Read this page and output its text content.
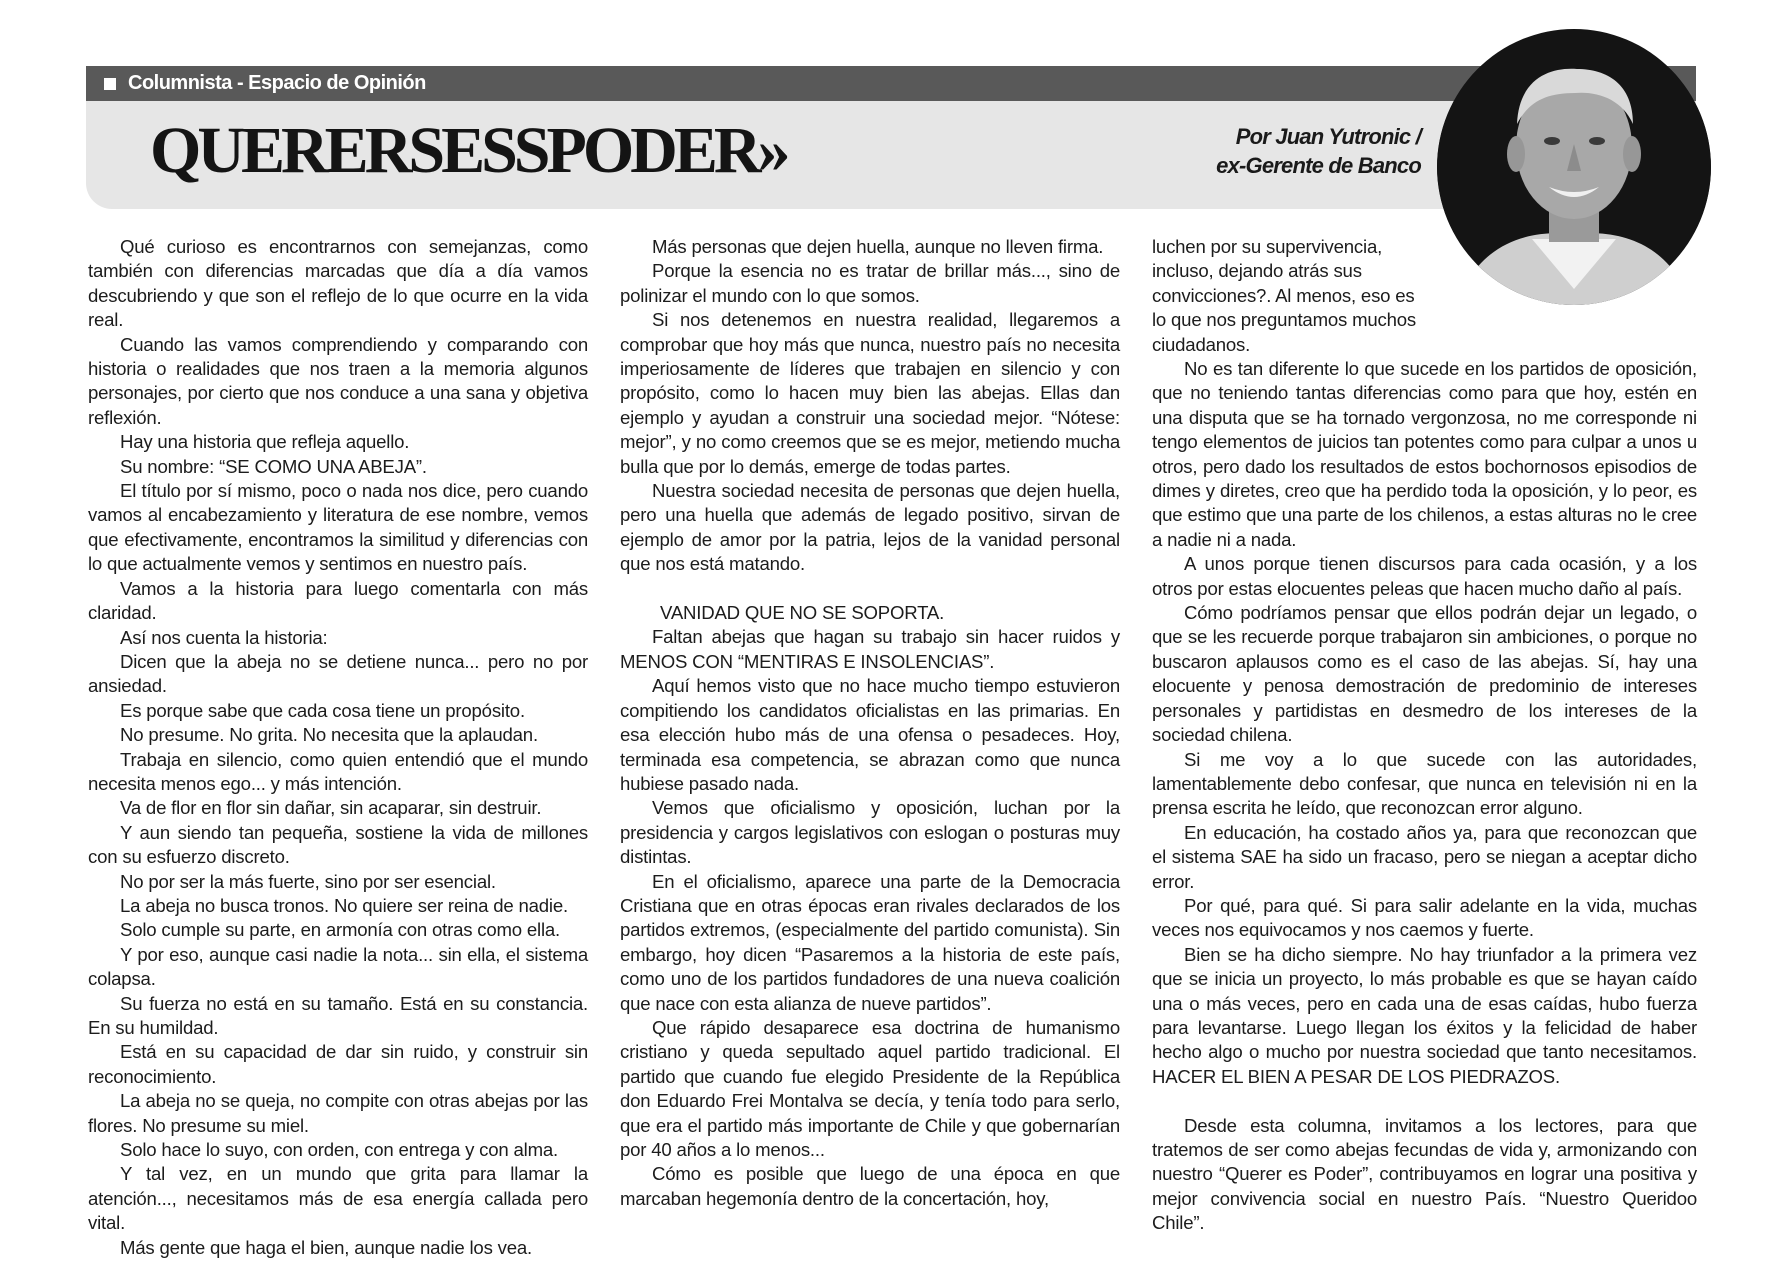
Columnista - Espacio de Opinión
QUERERSESSPODER»	Por Juan Yutronic /
ex-Gerente de Banco

Qué curioso es encontrarnos con semejanzas, como también con diferencias marcadas que día a día vamos descubriendo y que son el reflejo de lo que ocurre en la vida real.

Cuando las vamos comprendiendo y comparando con historia o realidades que nos traen a la memoria algunos personajes, por cierto que nos conduce a una sana y objetiva reflexión.

Hay una historia que refleja aquello.

Su nombre: “SE COMO UNA ABEJA”.

El título por sí mismo, poco o nada nos dice, pero cuando vamos al encabezamiento y literatura de ese nombre, vemos que efectivamente, encontramos la similitud y diferencias con lo que actualmente vemos y sentimos en nuestro país.

Vamos a la historia para luego comentarla con más claridad.

Así nos cuenta la historia:

Dicen que la abeja no se detiene nunca... pero no por ansiedad.

Es porque sabe que cada cosa tiene un propósito.

No presume. No grita. No necesita que la aplaudan.

Trabaja en silencio, como quien entendió que el mundo necesita menos ego... y más intención.

Va de flor en flor sin dañar, sin acaparar, sin destruir.

Y aun siendo tan pequeña, sostiene la vida de millones con su esfuerzo discreto.

No por ser la más fuerte, sino por ser esencial.

La abeja no busca tronos. No quiere ser reina de nadie.

Solo cumple su parte, en armonía con otras como ella.

Y por eso, aunque casi nadie la nota... sin ella, el sistema colapsa.

Su fuerza no está en su tamaño. Está en su constancia. En su humildad.

Está en su capacidad de dar sin ruido, y construir sin reconocimiento.

La abeja no se queja, no compite con otras abejas por las flores. No presume su miel.

Solo hace lo suyo, con orden, con entrega y con alma.

Y tal vez, en un mundo que grita para llamar la atención..., necesitamos más de esa energía callada pero vital.

Más gente que haga el bien, aunque nadie los vea.

Más personas que dejen huella, aunque no lleven firma.

Porque la esencia no es tratar de brillar más..., sino de polinizar el mundo con lo que somos.

Si nos detenemos en nuestra realidad, llegaremos a comprobar que hoy más que nunca, nuestro país no necesita imperiosamente de líderes que trabajen en silencio y con propósito, como lo hacen muy bien las abejas. Ellas dan ejemplo y ayudan a construir una sociedad mejor. “Nótese: mejor”, y no como creemos que se es mejor, metiendo mucha bulla que por lo demás, emerge de todas partes.

Nuestra sociedad necesita de personas que dejen huella, pero una huella que además de legado positivo, sirvan de ejemplo de amor por la patria, lejos de la vanidad personal que nos está matando.

VANIDAD QUE NO SE SOPORTA.

Faltan abejas que hagan su trabajo sin hacer ruidos y MENOS CON “MENTIRAS E INSOLENCIAS”.

Aquí hemos visto que no hace mucho tiempo estuvieron compitiendo los candidatos oficialistas en las primarias. En esa elección hubo más de una ofensa o pesadeces. Hoy, terminada esa competencia, se abrazan como que nunca hubiese pasado nada.

Vemos que oficialismo y oposición, luchan por la presidencia y cargos legislativos con eslogan o posturas muy distintas.

En el oficialismo, aparece una parte de la Democracia Cristiana que en otras épocas eran rivales declarados de los partidos extremos, (especialmente del partido comunista). Sin embargo, hoy dicen “Pasaremos a la historia de este país, como uno de los partidos fundadores de una nueva coalición que nace con esta alianza de nueve partidos”.

Que rápido desaparece esa doctrina de humanismo cristiano y queda sepultado aquel partido tradicional. El partido que cuando fue elegido Presidente de la República don Eduardo Frei Montalva se decía, y tenía todo para serlo, que era el partido más importante de Chile y que gobernarían por 40 años a lo menos...

Cómo es posible que luego de una época en que marcaban hegemonía dentro de la concertación, hoy,

luchen por su supervivencia, incluso, dejando atrás sus convicciones?. Al menos, eso es lo que nos preguntamos muchos ciudadanos.

No es tan diferente lo que sucede en los partidos de oposición, que no teniendo tantas diferencias como para que hoy, estén en una disputa que se ha tornado vergonzosa, no me corresponde ni tengo elementos de juicios tan potentes como para culpar a unos u otros, pero dado los resultados de estos bochornosos episodios de dimes y diretes, creo que ha perdido toda la oposición, y lo peor, es que estimo que una parte de los chilenos, a estas alturas no le cree a nadie ni a nada.

A unos porque tienen discursos para cada ocasión, y a los otros por estas elocuentes peleas que hacen mucho daño al país.

Cómo podríamos pensar que ellos podrán dejar un legado, o que se les recuerde porque trabajaron sin ambiciones, o porque no buscaron aplausos como es el caso de las abejas. Sí, hay una elocuente y penosa demostración de predominio de intereses personales y partidistas en desmedro de los intereses de la sociedad chilena.

Si me voy a lo que sucede con las autoridades, lamentablemente debo confesar, que nunca en televisión ni en la prensa escrita he leído, que reconozcan error alguno.

En educación, ha costado años ya, para que reconozcan que el sistema SAE ha sido un fracaso, pero se niegan a aceptar dicho error.

Por qué, para qué. Si para salir adelante en la vida, muchas veces nos equivocamos y nos caemos y fuerte.

Bien se ha dicho siempre. No hay triunfador a la primera vez que se inicia un proyecto, lo más probable es que se hayan caído una o más veces, pero en cada una de esas caídas, hubo fuerza para levantarse. Luego llegan los éxitos y la felicidad de haber hecho algo o mucho por nuestra sociedad que tanto necesitamos. HACER EL BIEN A PESAR DE LOS PIEDRAZOS.

Desde esta columna, invitamos a los lectores, para que tratemos de ser como abejas fecundas de vida y, armonizando con nuestro “Querer es Poder”, contribuyamos en lograr una positiva y mejor convivencia social en nuestro País. “Nuestro Queridoo Chile”.
